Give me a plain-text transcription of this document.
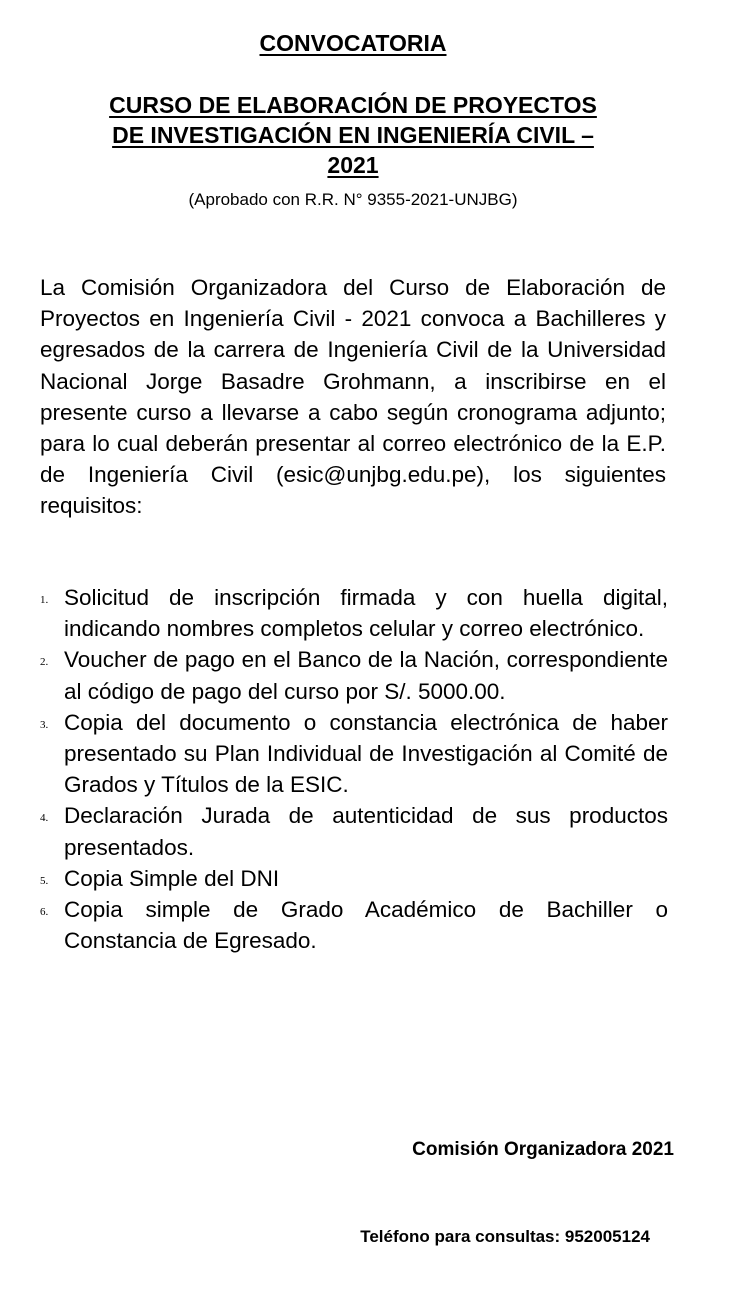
CONVOCATORIA
CURSO DE ELABORACIÓN DE PROYECTOS
DE INVESTIGACIÓN EN INGENIERÍA CIVIL –
2021
(Aprobado con R.R. N° 9355-2021-UNJBG)

La Comisión Organizadora del Curso de Elaboración de Proyectos en Ingeniería Civil - 2021 convoca a Bachilleres y egresados de la carrera de Ingeniería Civil de la Universidad Nacional Jorge Basadre Grohmann, a inscribirse en el presente curso a llevarse a cabo según cronograma adjunto; para lo cual deberán presentar al correo electrónico de la E.P. de Ingeniería Civil (esic@unjbg.edu.pe), los siguientes requisitos:

1. Solicitud de inscripción firmada y con huella digital, indicando nombres completos celular y correo electrónico.
2. Voucher de pago en el Banco de la Nación, correspondiente al código de pago del curso por S/. 5000.00.
3. Copia del documento o constancia electrónica de haber presentado su Plan Individual de Investigación al Comité de Grados y Títulos de la ESIC.
4. Declaración Jurada de autenticidad de sus productos presentados.
5. Copia Simple del DNI
6. Copia simple de Grado Académico de Bachiller o Constancia de Egresado.
Comisión Organizadora 2021
Teléfono para consultas: 952005124
